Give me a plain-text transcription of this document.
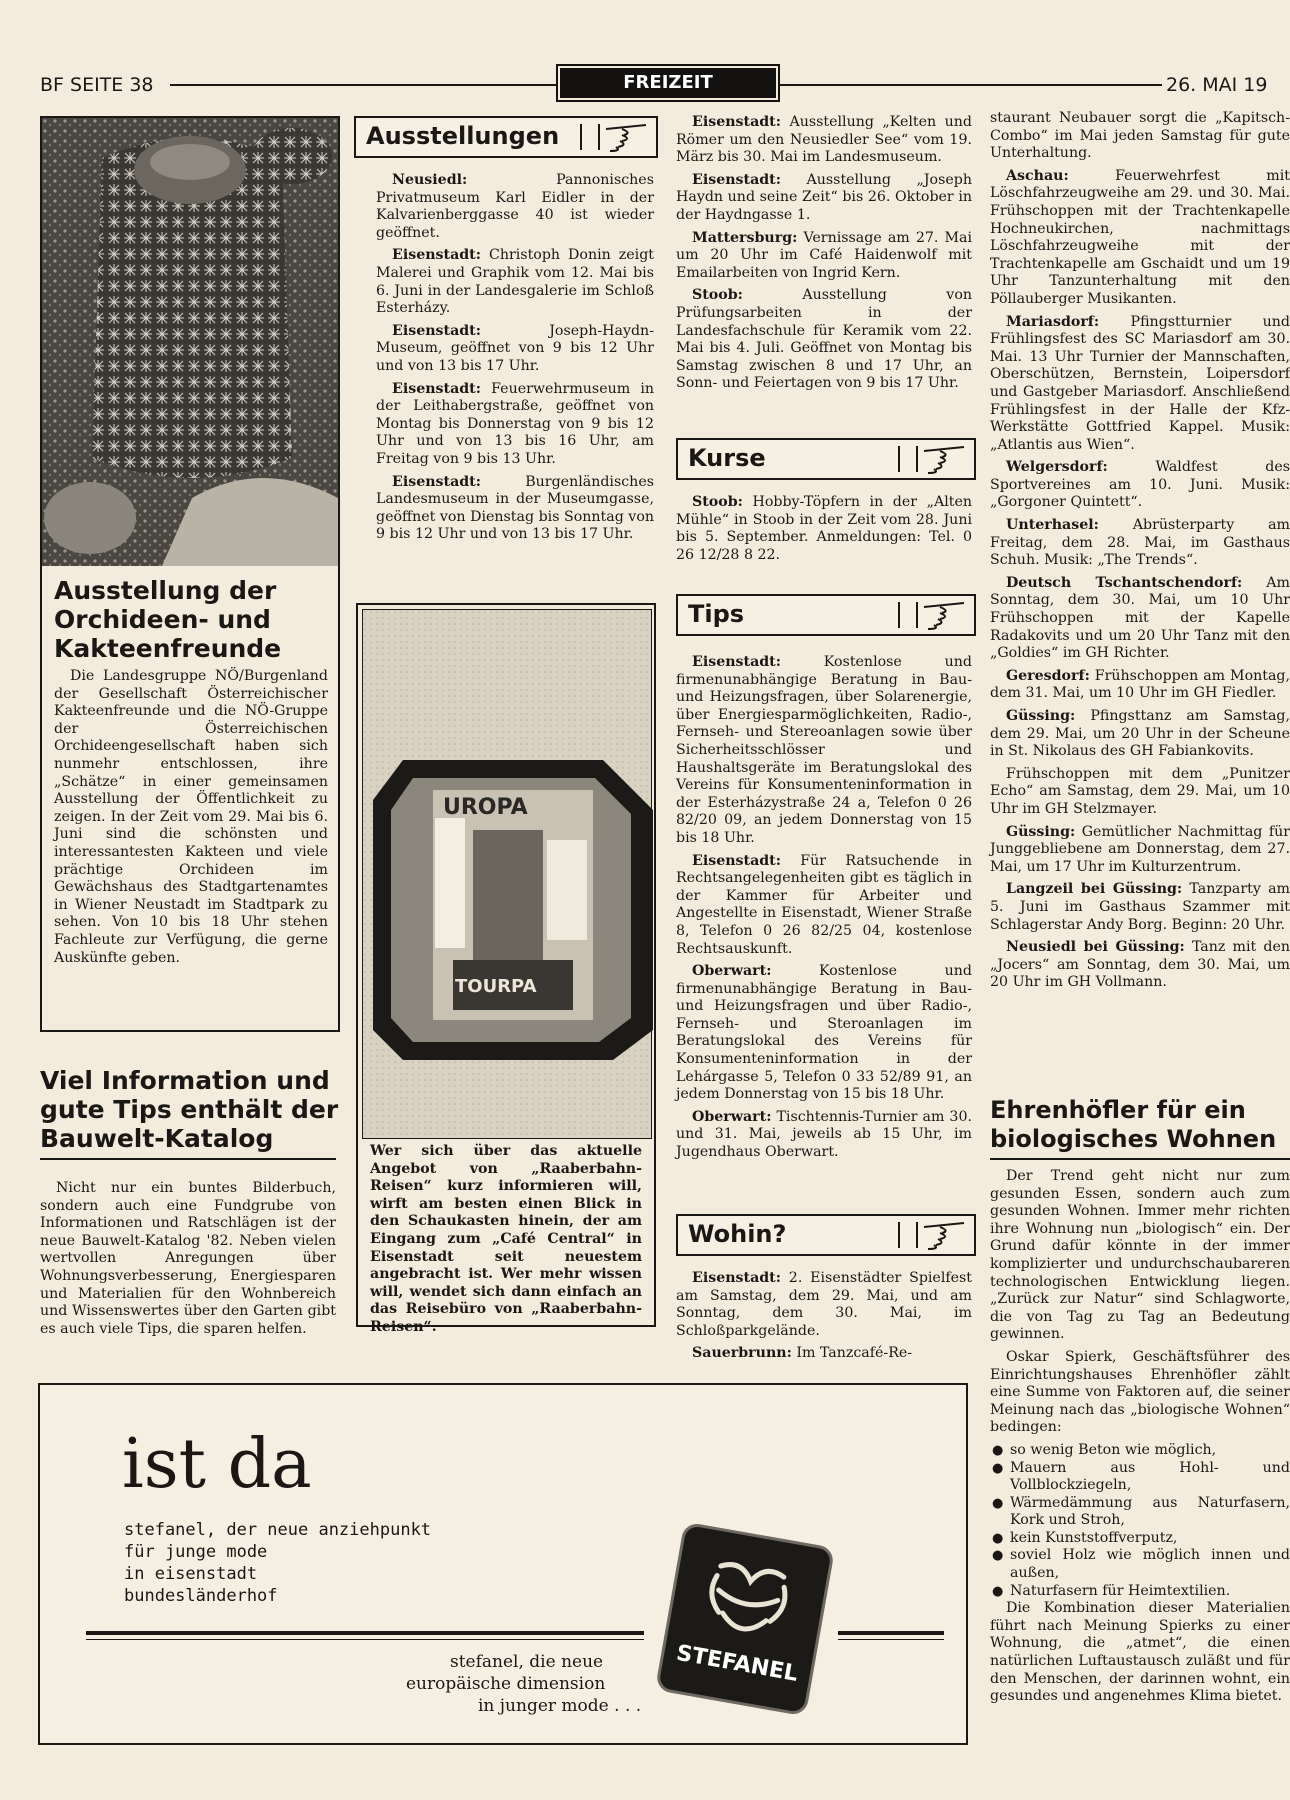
BF SEITE 38	FREIZEIT	26. MAI 19
Ausstellung der Orchideen- und Kakteenfreunde
Die Landesgruppe NÖ/Burgenland der Gesellschaft Österreichischer Kakteenfreunde und die NÖ-Gruppe der Österreichischen Orchideengesellschaft haben sich nunmehr entschlossen, ihre „Schätze“ in einer gemeinsamen Ausstellung der Öffentlichkeit zu zeigen. In der Zeit vom 29. Mai bis 6. Juni sind die schönsten und interessantesten Kakteen und viele prächtige Orchideen im Gewächshaus des Stadtgartenamtes in Wiener Neustadt im Stadtpark zu sehen. Von 10 bis 18 Uhr stehen Fachleute zur Verfügung, die gerne Auskünfte geben.
Viel Information und gute Tips enthält der Bauwelt-Katalog
Nicht nur ein buntes Bilderbuch, sondern auch eine Fundgrube von Informationen und Ratschlägen ist der neue Bauwelt-Katalog '82. Neben vielen wertvollen Anregungen über Wohnungsverbesserung, Energiesparen und Materialien für den Wohnbereich und Wissenswertes über den Garten gibt es auch viele Tips, die sparen helfen.
Ausstellungen

Neusiedl: Pannonisches Privatmuseum Karl Eidler in der Kalvarienberggasse 40 ist wieder geöffnet.

Eisenstadt: Christoph Donin zeigt Malerei und Graphik vom 12. Mai bis 6. Juni in der Landesgalerie im Schloß Esterházy.

Eisenstadt: Joseph-Haydn-Museum, geöffnet von 9 bis 12 Uhr und von 13 bis 17 Uhr.

Eisenstadt: Feuerwehrmuseum in der Leithabergstraße, geöffnet von Montag bis Donnerstag von 9 bis 12 Uhr und von 13 bis 16 Uhr, am Freitag von 9 bis 13 Uhr.

Eisenstadt: Burgenländisches Landesmuseum in der Museumgasse, geöffnet von Dienstag bis Sonntag von 9 bis 12 Uhr und von 13 bis 17 Uhr.

UROPA
TOURPA
Wer sich über das aktuelle Angebot von „Raaberbahn-Reisen“ kurz informieren will, wirft am besten einen Blick in den Schaukasten hinein, der am Eingang zum „Café Central“ in Eisenstadt seit neuestem angebracht ist. Wer mehr wissen will, wendet sich dann einfach an das Reisebüro von „Raaberbahn-Reisen“.

Eisenstadt: Ausstellung „Kelten und Römer um den Neusiedler See“ vom 19. März bis 30. Mai im Landesmuseum.

Eisenstadt: Ausstellung „Joseph Haydn und seine Zeit“ bis 26. Oktober in der Haydngasse 1.

Mattersburg: Vernissage am 27. Mai um 20 Uhr im Café Haidenwolf mit Emailarbeiten von Ingrid Kern.

Stoob: Ausstellung von Prüfungsarbeiten in der Landesfachschule für Keramik vom 22. Mai bis 4. Juli. Geöffnet von Montag bis Samstag zwischen 8 und 17 Uhr, an Sonn- und Feiertagen von 9 bis 17 Uhr.

Kurse

Stoob: Hobby-Töpfern in der „Alten Mühle“ in Stoob in der Zeit vom 28. Juni bis 5. September. Anmeldungen: Tel. 0 26 12/28 8 22.

Tips

Eisenstadt: Kostenlose und firmenunabhängige Beratung in Bau- und Heizungsfragen, über Solarenergie, über Energiesparmöglichkeiten, Radio-, Fernseh- und Stereoanlagen sowie über Sicherheitsschlösser und Haushaltsgeräte im Beratungslokal des Vereins für Konsumenteninformation in der Esterházystraße 24 a, Telefon 0 26 82/20 09, an jedem Donnerstag von 15 bis 18 Uhr.

Eisenstadt: Für Ratsuchende in Rechtsangelegenheiten gibt es täglich in der Kammer für Arbeiter und Angestellte in Eisenstadt, Wiener Straße 8, Telefon 0 26 82/25 04, kostenlose Rechtsauskunft.

Oberwart: Kostenlose und firmenunabhängige Beratung in Bau- und Heizungsfragen und über Radio-, Fernseh- und Steroanlagen im Beratungslokal des Vereins für Konsumenteninformation in der Lehárgasse 5, Telefon 0 33 52/89 91, an jedem Donnerstag von 15 bis 18 Uhr.

Oberwart: Tischtennis-Turnier am 30. und 31. Mai, jeweils ab 15 Uhr, im Jugendhaus Oberwart.

Wohin?

Eisenstadt: 2. Eisenstädter Spielfest am Samstag, dem 29. Mai, und am Sonntag, dem 30. Mai, im Schloßparkgelände.

Sauerbrunn: Im Tanzcafé-Re-

staurant Neubauer sorgt die „Kapitsch-Combo“ im Mai jeden Samstag für gute Unterhaltung.

Aschau: Feuerwehrfest mit Löschfahrzeugweihe am 29. und 30. Mai. Frühschoppen mit der Trachtenkapelle Hochneukirchen, nachmittags Löschfahrzeugweihe mit der Trachtenkapelle am Gschaidt und um 19 Uhr Tanzunterhaltung mit den Pöllauberger Musikanten.

Mariasdorf: Pfingstturnier und Frühlingsfest des SC Mariasdorf am 30. Mai. 13 Uhr Turnier der Mannschaften, Oberschützen, Bernstein, Loipersdorf und Gastgeber Mariasdorf. Anschließend Frühlingsfest in der Halle der Kfz-Werkstätte Gottfried Kappel. Musik: „Atlantis aus Wien“.

Welgersdorf: Waldfest des Sportvereines am 10. Juni. Musik: „Gorgoner Quintett“.

Unterhasel: Abrüsterparty am Freitag, dem 28. Mai, im Gasthaus Schuh. Musik: „The Trends“.

Deutsch Tschantschendorf: Am Sonntag, dem 30. Mai, um 10 Uhr Frühschoppen mit der Kapelle Radakovits und um 20 Uhr Tanz mit den „Goldies“ im GH Richter.

Geresdorf: Frühschoppen am Montag, dem 31. Mai, um 10 Uhr im GH Fiedler.

Güssing: Pfingsttanz am Samstag, dem 29. Mai, um 20 Uhr in der Scheune in St. Nikolaus des GH Fabiankovits.

Frühschoppen mit dem „Punitzer Echo“ am Samstag, dem 29. Mai, um 10 Uhr im GH Stelzmayer.

Güssing: Gemütlicher Nachmittag für Junggebliebene am Donnerstag, dem 27. Mai, um 17 Uhr im Kulturzentrum.

Langzeil bei Güssing: Tanzparty am 5. Juni im Gasthaus Szammer mit Schlagerstar Andy Borg. Beginn: 20 Uhr.

Neusiedl bei Güssing: Tanz mit den „Jocers“ am Sonntag, dem 30. Mai, um 20 Uhr im GH Vollmann.

Ehrenhöfler für ein biologisches Wohnen

Der Trend geht nicht nur zum gesunden Essen, sondern auch zum gesunden Wohnen. Immer mehr richten ihre Wohnung nun „biologisch“ ein. Der Grund dafür könnte in der immer komplizierter und undurchschaubareren technologischen Entwicklung liegen. „Zurück zur Natur“ sind Schlagworte, die von Tag zu Tag an Bedeutung gewinnen.

Oskar Spierk, Geschäftsführer des Einrichtungshauses Ehrenhöfler zählt eine Summe von Faktoren auf, die seiner Meinung nach das „biologische Wohnen“ bedingen:

● so wenig Beton wie möglich,
● Mauern aus Hohl- und Vollblockziegeln,
● Wärmedämmung aus Naturfasern, Kork und Stroh,
● kein Kunststoffverputz,
● soviel Holz wie möglich innen und außen,
● Naturfasern für Heimtextilien.

Die Kombination dieser Materialien führt nach Meinung Spierks zu einer Wohnung, die „atmet“, die einen natürlichen Luftaustausch zuläßt und für den Menschen, der darinnen wohnt, ein gesundes und angenehmes Klima bietet.

ist da
stefanel, der neue anziehpunkt
für junge mode
in eisenstadt
bundesländerhof
stefanel, die neue
europäische dimension
in junger mode . . .
STEFANEL
